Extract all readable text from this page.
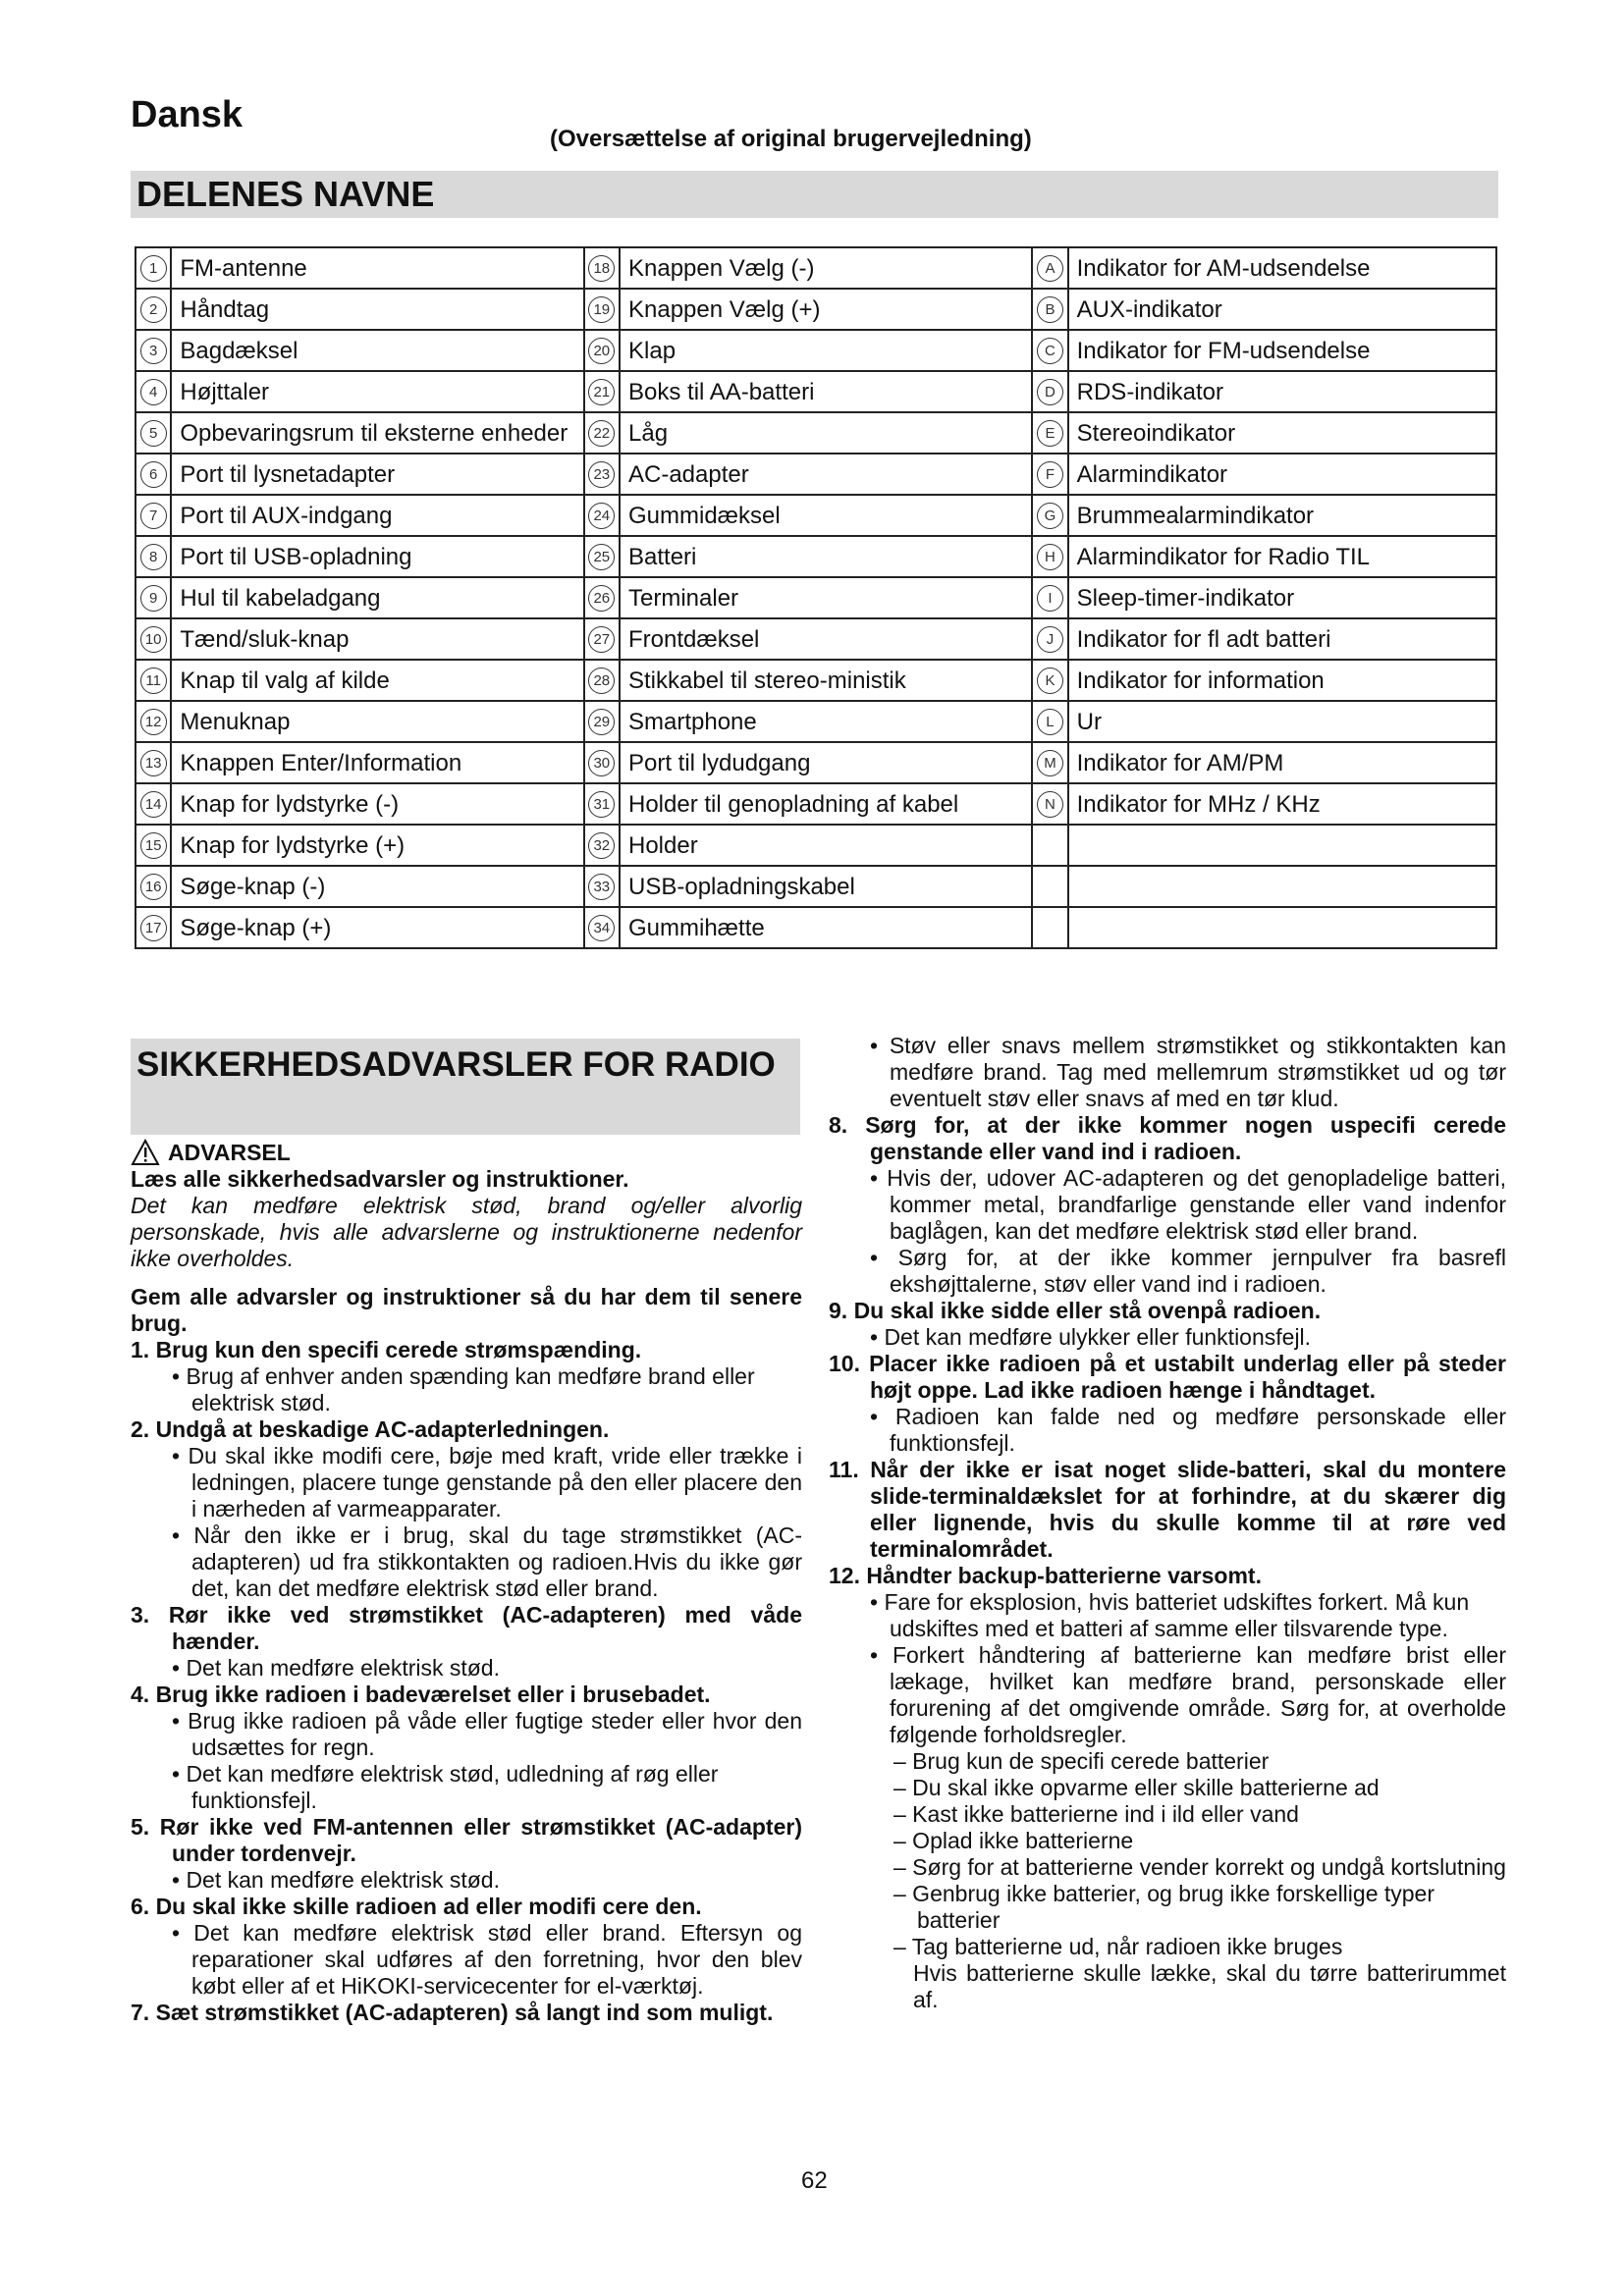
Dansk
(Oversættelse af original brugervejledning)
DELENES NAVNE
1	FM-antenne	18	Knappen Vælg (-)	A	Indikator for AM-udsendelse
2	Håndtag	19	Knappen Vælg (+)	B	AUX-indikator
3	Bagdæksel	20	Klap	C	Indikator for FM-udsendelse
4	Højttaler	21	Boks til AA-batteri	D	RDS-indikator
5	Opbevaringsrum til eksterne enheder	22	Låg	E	Stereoindikator
6	Port til lysnetadapter	23	AC-adapter	F	Alarmindikator
7	Port til AUX-indgang	24	Gummidæksel	G	Brummealarmindikator
8	Port til USB-opladning	25	Batteri	H	Alarmindikator for Radio TIL
9	Hul til kabeladgang	26	Terminaler	I	Sleep-timer-indikator
10	Tænd/sluk-knap	27	Frontdæksel	J	Indikator for fl adt batteri
11	Knap til valg af kilde	28	Stikkabel til stereo-ministik	K	Indikator for information
12	Menuknap	29	Smartphone	L	Ur
13	Knappen Enter/Information	30	Port til lydudgang	M	Indikator for AM/PM
14	Knap for lydstyrke (-)	31	Holder til genopladning af kabel	N	Indikator for MHz / KHz
15	Knap for lydstyrke (+)	32	Holder		
16	Søge-knap (-)	33	USB-opladningskabel		
17	Søge-knap (+)	34	Gummihætte		
SIKKERHEDSADVARSLER FOR RADIO

ADVARSEL

Læs alle sikkerhedsadvarsler og instruktioner.

Det kan medføre elektrisk stød, brand og/eller alvorlig personskade, hvis alle advarslerne og instruktionerne nedenfor ikke overholdes.

Gem alle advarsler og instruktioner så du har dem til senere brug.

1. Brug kun den specifi cerede strømspænding.

• Brug af enhver anden spænding kan medføre brand eller elektrisk stød.

2. Undgå at beskadige AC-adapterledningen.

• Du skal ikke modifi cere, bøje med kraft, vride eller trække i ledningen, placere tunge genstande på den eller placere den i nærheden af varmeapparater.

• Når den ikke er i brug, skal du tage strømstikket (AC-adapteren) ud fra stikkontakten og radioen.Hvis du ikke gør det, kan det medføre elektrisk stød eller brand.

3. Rør ikke ved strømstikket (AC-adapteren) med våde hænder.

• Det kan medføre elektrisk stød.

4. Brug ikke radioen i badeværelset eller i brusebadet.

• Brug ikke radioen på våde eller fugtige steder eller hvor den udsættes for regn.

• Det kan medføre elektrisk stød, udledning af røg eller funktionsfejl.

5. Rør ikke ved FM-antennen eller strømstikket (AC-adapter) under tordenvejr.

• Det kan medføre elektrisk stød.

6. Du skal ikke skille radioen ad eller modifi cere den.

• Det kan medføre elektrisk stød eller brand. Eftersyn og reparationer skal udføres af den forretning, hvor den blev købt eller af et HiKOKI-servicecenter for el-værktøj.

7. Sæt strømstikket (AC-adapteren) så langt ind som muligt.

• Støv eller snavs mellem strømstikket og stikkontakten kan medføre brand. Tag med mellemrum strømstikket ud og tør eventuelt støv eller snavs af med en tør klud.

8. Sørg for, at der ikke kommer nogen uspecifi cerede genstande eller vand ind i radioen.

• Hvis der, udover AC-adapteren og det genopladelige batteri, kommer metal, brandfarlige genstande eller vand indenfor baglågen, kan det medføre elektrisk stød eller brand.

• Sørg for, at der ikke kommer jernpulver fra basrefl ekshøjttalerne, støv eller vand ind i radioen.

9. Du skal ikke sidde eller stå ovenpå radioen.

• Det kan medføre ulykker eller funktionsfejl.

10. Placer ikke radioen på et ustabilt underlag eller på steder højt oppe. Lad ikke radioen hænge i håndtaget.

• Radioen kan falde ned og medføre personskade eller funktionsfejl.

11. Når der ikke er isat noget slide-batteri, skal du montere slide-terminaldækslet for at forhindre, at du skærer dig eller lignende, hvis du skulle komme til at røre ved terminalområdet.

12. Håndter backup-batterierne varsomt.

• Fare for eksplosion, hvis batteriet udskiftes forkert. Må kun udskiftes med et batteri af samme eller tilsvarende type.

• Forkert håndtering af batterierne kan medføre brist eller lækage, hvilket kan medføre brand, personskade eller forurening af det omgivende område. Sørg for, at overholde følgende forholdsregler.

– Brug kun de specifi cerede batterier

– Du skal ikke opvarme eller skille batterierne ad

– Kast ikke batterierne ind i ild eller vand

– Oplad ikke batterierne

– Sørg for at batterierne vender korrekt og undgå kortslutning

– Genbrug ikke batterier, og brug ikke forskellige typer batterier

– Tag batterierne ud, når radioen ikke bruges

Hvis batterierne skulle lække, skal du tørre batterirummet af.

62
